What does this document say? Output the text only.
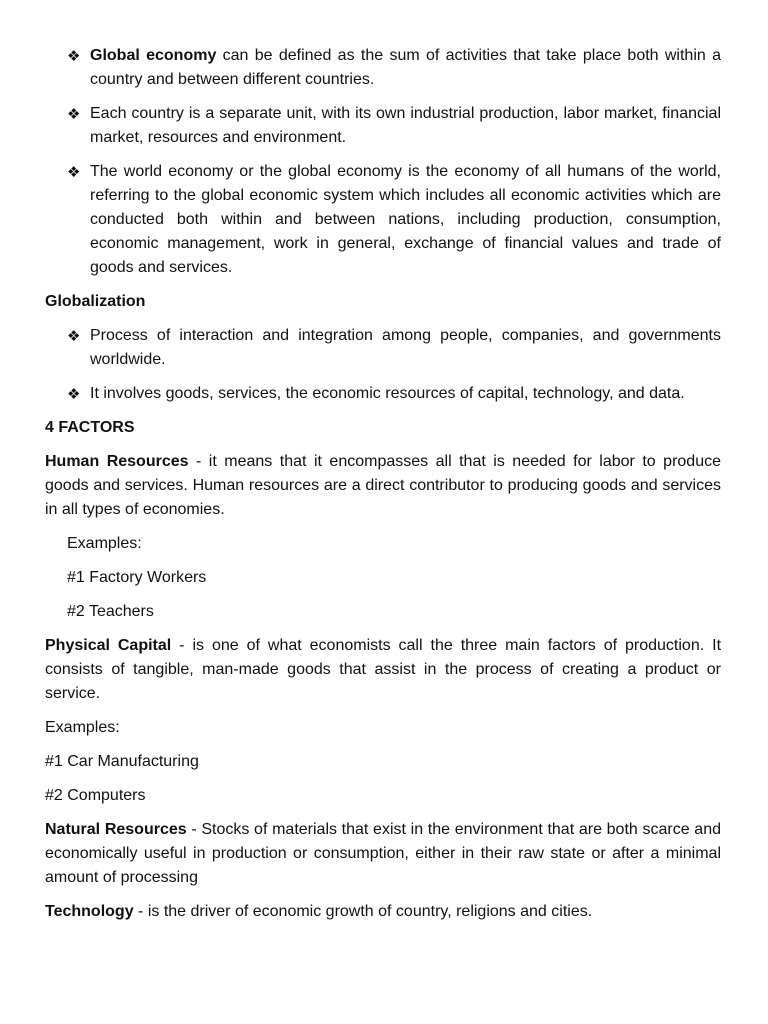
❖ Global economy can be defined as the sum of activities that take place both within a country and between different countries.

❖ Each country is a separate unit, with its own industrial production, labor market, financial market, resources and environment.

❖ The world economy or the global economy is the economy of all humans of the world, referring to the global economic system which includes all economic activities which are conducted both within and between nations, including production, consumption, economic management, work in general, exchange of financial values and trade of goods and services.

Globalization

❖ Process of interaction and integration among people, companies, and governments worldwide.

❖ It involves goods, services, the economic resources of capital, technology, and data.

4 FACTORS

Human Resources - it means that it encompasses all that is needed for labor to produce goods and services. Human resources are a direct contributor to producing goods and services in all types of economies.

Examples:

#1 Factory Workers

#2 Teachers

Physical Capital - is one of what economists call the three main factors of production. It consists of tangible, man-made goods that assist in the process of creating a product or service.

Examples:

#1 Car Manufacturing

#2 Computers

Natural Resources - Stocks of materials that exist in the environment that are both scarce and economically useful in production or consumption, either in their raw state or after a minimal amount of processing

Technology - is the driver of economic growth of country, religions and cities.
